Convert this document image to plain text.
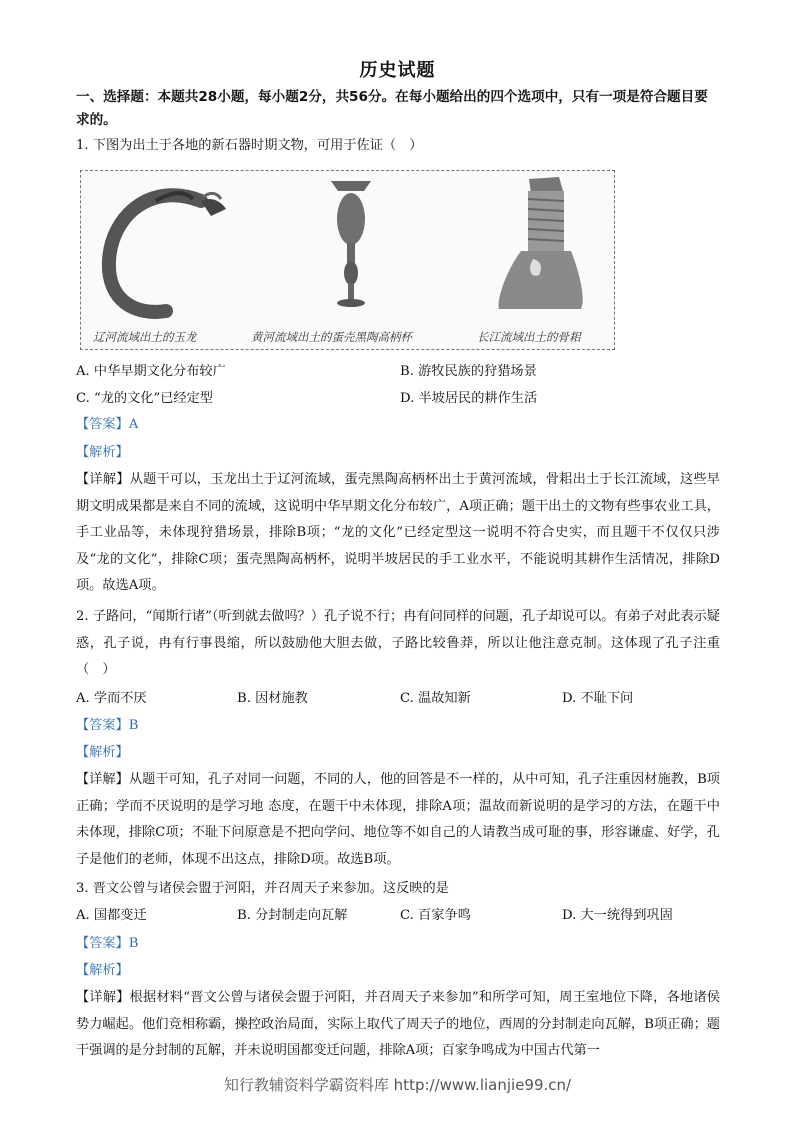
历史试题
一、选择题：本题共28小题，每小题2分，共56分。在每小题给出的四个选项中，只有一项是符合题目要求的。
1. 下图为出土于各地的新石器时期文物，可用于佐证（　）
辽河流域出土的玉龙	黄河流域出土的蛋壳黑陶高柄杯	长江流域出土的骨耜
A. 中华早期文化分布较广	B. 游牧民族的狩猎场景
C. “龙的文化”已经定型	D. 半坡居民的耕作生活
【答案】A
【解析】
【详解】从题干可以，玉龙出土于辽河流域，蛋壳黑陶高柄杯出土于黄河流域，骨耜出土于长江流域，这些早期文明成果都是来自不同的流域，这说明中华早期文化分布较广，A项正确；题干出土的文物有些事农业工具，手工业品等，未体现狩猎场景，排除B项；“龙的文化”已经定型这一说明不符合史实，而且题干不仅仅只涉及“龙的文化”，排除C项；蛋壳黑陶高柄杯，说明半坡居民的手工业水平，不能说明其耕作生活情况，排除D项。故选A项。
2. 子路问，“闻斯行诸”（听到就去做吗？）孔子说不行；冉有问同样的问题，孔子却说可以。有弟子对此表示疑惑，孔子说，冉有行事畏缩，所以鼓励他大胆去做，子路比较鲁莽，所以让他注意克制。这体现了孔子注重（　）
A. 学而不厌	B. 因材施教	C. 温故知新	D. 不耻下问
【答案】B
【解析】
【详解】从题干可知，孔子对同一问题，不同的人，他的回答是不一样的，从中可知，孔子注重因材施教，B项正确；学而不厌说明的是学习地 态度，在题干中未体现，排除A项；温故而新说明的是学习的方法，在题干中未体现，排除C项；不耻下问原意是不把向学问、地位等不如自己的人请教当成可耻的事，形容谦虚、好学，孔子是他们的老师，体现不出这点，排除D项。故选B项。
3. 晋文公曾与诸侯会盟于河阳，并召周天子来参加。这反映的是
A. 国都变迁	B. 分封制走向瓦解	C. 百家争鸣	D. 大一统得到巩固
【答案】B
【解析】
【详解】根据材料“晋文公曾与诸侯会盟于河阳，并召周天子来参加”和所学可知，周王室地位下降，各地诸侯势力崛起。他们竞相称霸，操控政治局面，实际上取代了周天子的地位，西周的分封制走向瓦解，B项正确；题干强调的是分封制的瓦解，并未说明国都变迁问题，排除A项；百家争鸣成为中国古代第一
知行教辅资料学霸资料库 http://www.lianjie99.cn/
